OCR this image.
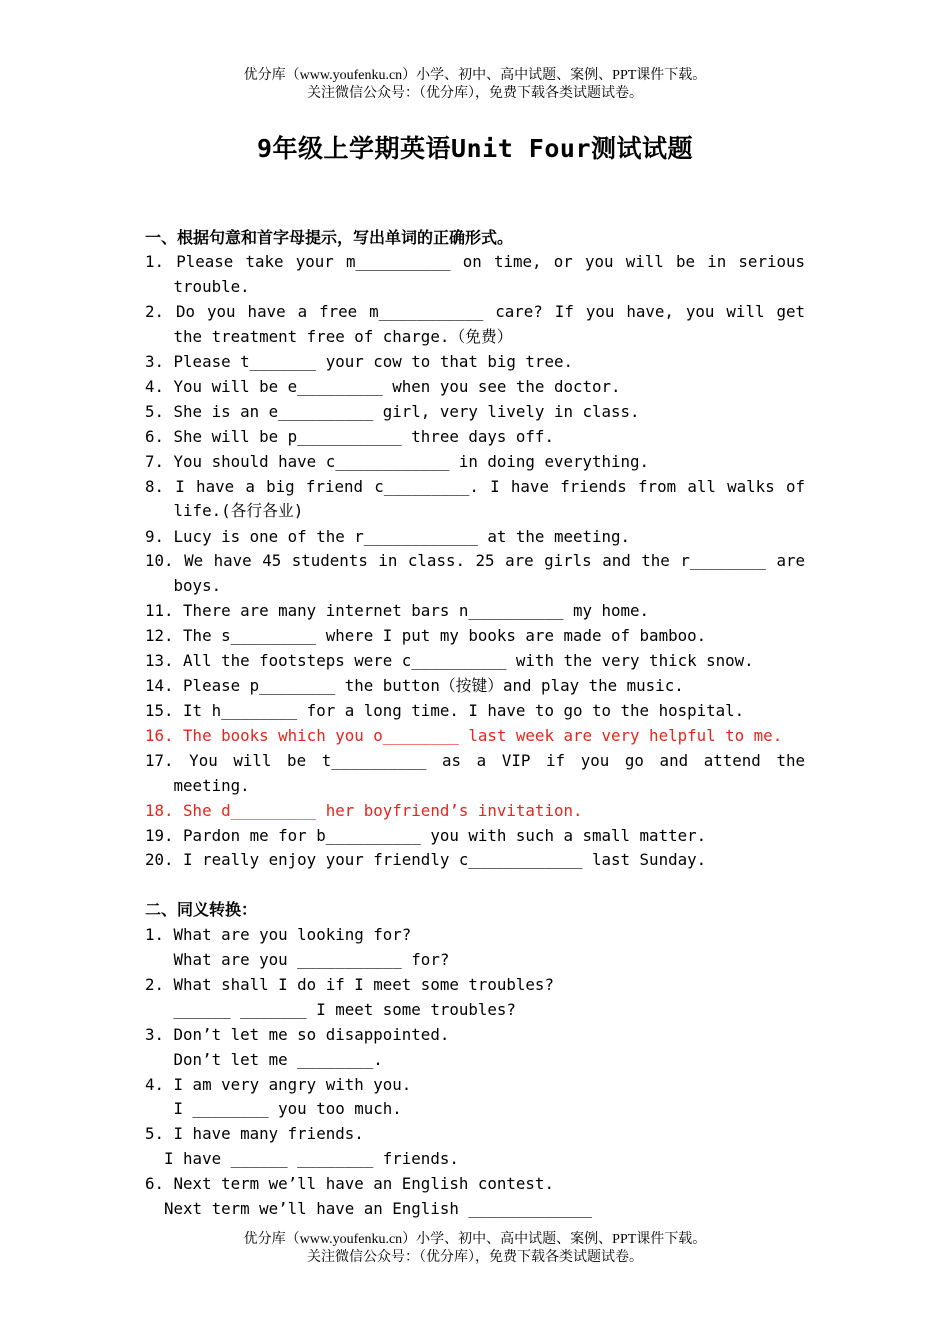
优分库（www.youfenku.cn）小学、初中、高中试题、案例、PPT课件下载。
关注微信公众号：（优分库），免费下载各类试题试卷。
9年级上学期英语Unit Four测试试题
一、根据句意和首字母提示，写出单词的正确形式。
1. Please take your m__________ on time, or you will be in serious
trouble.
2. Do you have a free m___________ care? If you have, you will get
the treatment free of charge.（免费）
3. Please t_______ your cow to that big tree.
4. You will be e_________ when you see the doctor.
5. She is an e__________ girl, very lively in class.
6. She will be p___________ three days off.
7. You should have c____________ in doing everything.
8. I have a big friend c_________. I have friends from all walks of
life.(各行各业)
9. Lucy is one of the r____________ at the meeting.
10. We have 45 students in class. 25 are girls and the r________ are
boys.
11. There are many internet bars n__________ my home.
12. The s_________ where I put my books are made of bamboo.
13. All the footsteps were c__________ with the very thick snow.
14. Please p________ the button（按键）and play the music.
15. It h________ for a long time. I have to go to the hospital.
16. The books which you o________ last week are very helpful to me.
17. You will be t__________ as a VIP if you go and attend the
meeting.
18. She d_________ her boyfriend’s invitation.
19. Pardon me for b__________ you with such a small matter.
20. I really enjoy your friendly c____________ last Sunday.
二、同义转换：
1. What are you looking for?
What are you ___________ for?
2. What shall I do if I meet some troubles?
______ _______ I meet some troubles?
3. Don’t let me so disappointed.
Don’t let me ________.
4. I am very angry with you.
I ________ you too much.
5. I have many friends.
I have ______ ________ friends.
6. Next term we’ll have an English contest.
Next term we’ll have an English _____________
优分库（www.youfenku.cn）小学、初中、高中试题、案例、PPT课件下载。
关注微信公众号：（优分库），免费下载各类试题试卷。
